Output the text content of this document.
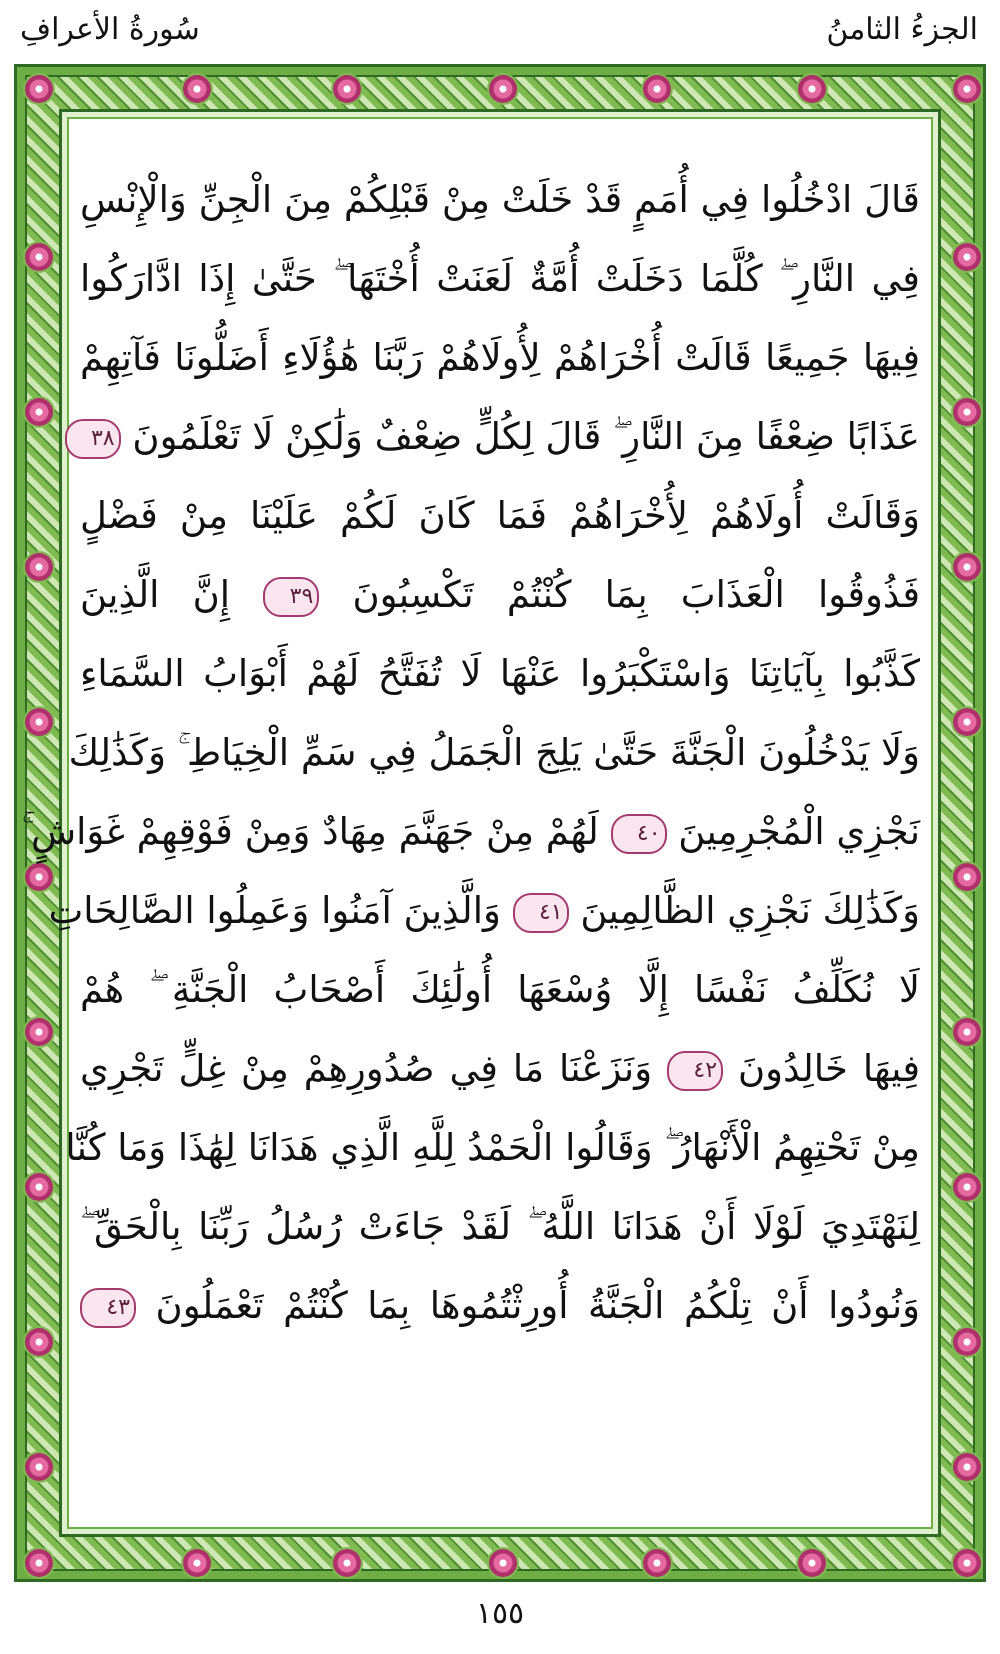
سُورةُ الأعرافِ	الجزءُ الثامنُ
قَالَ ادْخُلُوا فِي أُمَمٍ قَدْ خَلَتْ مِنْ قَبْلِكُمْ مِنَ الْجِنِّ وَالْإِنْسِ
فِي النَّارِ ۖ كُلَّمَا دَخَلَتْ أُمَّةٌ لَعَنَتْ أُخْتَهَا ۖ حَتَّىٰ إِذَا ادَّارَكُوا
فِيهَا جَمِيعًا قَالَتْ أُخْرَاهُمْ لِأُولَاهُمْ رَبَّنَا هَٰؤُلَاءِ أَضَلُّونَا فَآتِهِمْ
عَذَابًا ضِعْفًا مِنَ النَّارِ ۖ قَالَ لِكُلٍّ ضِعْفٌ وَلَٰكِنْ لَا تَعْلَمُونَ ٣٨
وَقَالَتْ أُولَاهُمْ لِأُخْرَاهُمْ فَمَا كَانَ لَكُمْ عَلَيْنَا مِنْ فَضْلٍ
فَذُوقُوا الْعَذَابَ بِمَا كُنْتُمْ تَكْسِبُونَ ٣٩ إِنَّ الَّذِينَ
كَذَّبُوا بِآيَاتِنَا وَاسْتَكْبَرُوا عَنْهَا لَا تُفَتَّحُ لَهُمْ أَبْوَابُ السَّمَاءِ
وَلَا يَدْخُلُونَ الْجَنَّةَ حَتَّىٰ يَلِجَ الْجَمَلُ فِي سَمِّ الْخِيَاطِ ۚ وَكَذَٰلِكَ
نَجْزِي الْمُجْرِمِينَ ٤٠ لَهُمْ مِنْ جَهَنَّمَ مِهَادٌ وَمِنْ فَوْقِهِمْ غَوَاشٍ ۚ
وَكَذَٰلِكَ نَجْزِي الظَّالِمِينَ ٤١ وَالَّذِينَ آمَنُوا وَعَمِلُوا الصَّالِحَاتِ
لَا نُكَلِّفُ نَفْسًا إِلَّا وُسْعَهَا أُولَٰئِكَ أَصْحَابُ الْجَنَّةِ ۖ هُمْ
فِيهَا خَالِدُونَ ٤٢ وَنَزَعْنَا مَا فِي صُدُورِهِمْ مِنْ غِلٍّ تَجْرِي
مِنْ تَحْتِهِمُ الْأَنْهَارُ ۖ وَقَالُوا الْحَمْدُ لِلَّهِ الَّذِي هَدَانَا لِهَٰذَا وَمَا كُنَّا
لِنَهْتَدِيَ لَوْلَا أَنْ هَدَانَا اللَّهُ ۖ لَقَدْ جَاءَتْ رُسُلُ رَبِّنَا بِالْحَقِّ ۖ
وَنُودُوا أَنْ تِلْكُمُ الْجَنَّةُ أُورِثْتُمُوهَا بِمَا كُنْتُمْ تَعْمَلُونَ ٤٣
١٥٥
